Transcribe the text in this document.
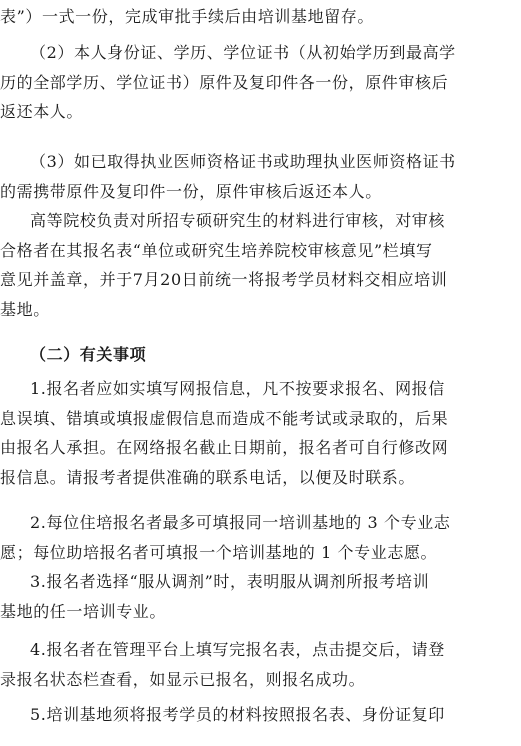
表”）一式一份，完成审批手续后由培训基地留存。
（2）本人身份证、学历、学位证书（从初始学历到最高学
历的全部学历、学位证书）原件及复印件各一份，原件审核后
返还本人。
（3）如已取得执业医师资格证书或助理执业医师资格证书
的需携带原件及复印件一份，原件审核后返还本人。
高等院校负责对所招专硕研究生的材料进行审核，对审核
合格者在其报名表“单位或研究生培养院校审核意见”栏填写
意见并盖章，并于7月20日前统一将报考学员材料交相应培训
基地。
（二）有关事项
1.报名者应如实填写网报信息，凡不按要求报名、网报信
息误填、错填或填报虚假信息而造成不能考试或录取的，后果
由报名人承担。在网络报名截止日期前，报名者可自行修改网
报信息。请报考者提供准确的联系电话，以便及时联系。
2.每位住培报名者最多可填报同一培训基地的 3 个专业志
愿；每位助培报名者可填报一个培训基地的 1 个专业志愿。
3.报名者选择“服从调剂”时，表明服从调剂所报考培训
基地的任一培训专业。
4.报名者在管理平台上填写完报名表，点击提交后，请登
录报名状态栏查看，如显示已报名，则报名成功。
5.培训基地须将报考学员的材料按照报名表、身份证复印
